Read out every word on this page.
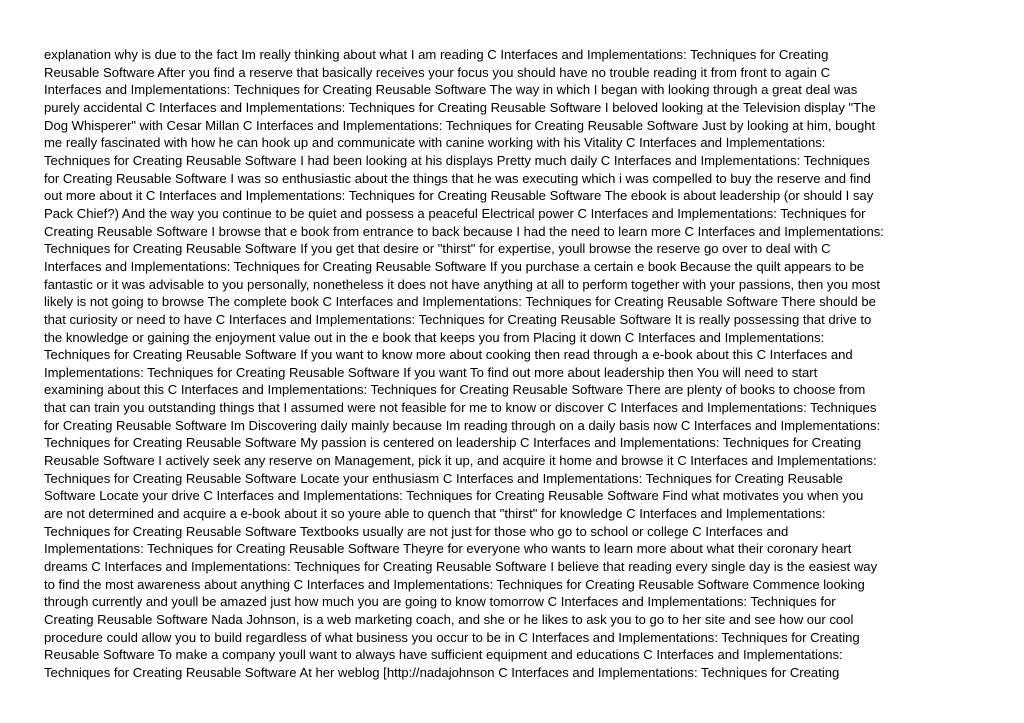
explanation why is due to the fact Im really thinking about what I am reading C Interfaces and Implementations: Techniques for Creating
Reusable Software After you find a reserve that basically receives your focus you should have no trouble reading it from front to again C
Interfaces and Implementations: Techniques for Creating Reusable Software The way in which I began with looking through a great deal was
purely accidental C Interfaces and Implementations: Techniques for Creating Reusable Software I beloved looking at the Television display "The
Dog Whisperer" with Cesar Millan C Interfaces and Implementations: Techniques for Creating Reusable Software Just by looking at him, bought
me really fascinated with how he can hook up and communicate with canine working with his Vitality C Interfaces and Implementations:
Techniques for Creating Reusable Software I had been looking at his displays Pretty much daily C Interfaces and Implementations: Techniques
for Creating Reusable Software I was so enthusiastic about the things that he was executing which i was compelled to buy the reserve and find
out more about it C Interfaces and Implementations: Techniques for Creating Reusable Software The ebook is about leadership (or should I say
Pack Chief?) And the way you continue to be quiet and possess a peaceful Electrical power C Interfaces and Implementations: Techniques for
Creating Reusable Software I browse that e book from entrance to back because I had the need to learn more C Interfaces and Implementations:
Techniques for Creating Reusable Software If you get that desire or "thirst" for expertise, youll browse the reserve go over to deal with C
Interfaces and Implementations: Techniques for Creating Reusable Software If you purchase a certain e book Because the quilt appears to be
fantastic or it was advisable to you personally, nonetheless it does not have anything at all to perform together with your passions, then you most
likely is not going to browse The complete book C Interfaces and Implementations: Techniques for Creating Reusable Software There should be
that curiosity or need to have C Interfaces and Implementations: Techniques for Creating Reusable Software It is really possessing that drive to
the knowledge or gaining the enjoyment value out in the e book that keeps you from Placing it down C Interfaces and Implementations:
Techniques for Creating Reusable Software If you want to know more about cooking then read through a e-book about this C Interfaces and
Implementations: Techniques for Creating Reusable Software If you want To find out more about leadership then You will need to start
examining about this C Interfaces and Implementations: Techniques for Creating Reusable Software There are plenty of books to choose from
that can train you outstanding things that I assumed were not feasible for me to know or discover C Interfaces and Implementations: Techniques
for Creating Reusable Software Im Discovering daily mainly because Im reading through on a daily basis now C Interfaces and Implementations:
Techniques for Creating Reusable Software My passion is centered on leadership C Interfaces and Implementations: Techniques for Creating
Reusable Software I actively seek any reserve on Management, pick it up, and acquire it home and browse it C Interfaces and Implementations:
Techniques for Creating Reusable Software Locate your enthusiasm C Interfaces and Implementations: Techniques for Creating Reusable
Software Locate your drive C Interfaces and Implementations: Techniques for Creating Reusable Software Find what motivates you when you
are not determined and acquire a e-book about it so youre able to quench that "thirst" for knowledge C Interfaces and Implementations:
Techniques for Creating Reusable Software Textbooks usually are not just for those who go to school or college C Interfaces and
Implementations: Techniques for Creating Reusable Software Theyre for everyone who wants to learn more about what their coronary heart
dreams C Interfaces and Implementations: Techniques for Creating Reusable Software I believe that reading every single day is the easiest way
to find the most awareness about anything C Interfaces and Implementations: Techniques for Creating Reusable Software Commence looking
through currently and youll be amazed just how much you are going to know tomorrow C Interfaces and Implementations: Techniques for
Creating Reusable Software Nada Johnson, is a web marketing coach, and she or he likes to ask you to go to her site and see how our cool
procedure could allow you to build regardless of what business you occur to be in C Interfaces and Implementations: Techniques for Creating
Reusable Software To make a company youll want to always have sufficient equipment and educations C Interfaces and Implementations:
Techniques for Creating Reusable Software At her weblog [http://nadajohnson C Interfaces and Implementations: Techniques for Creating
